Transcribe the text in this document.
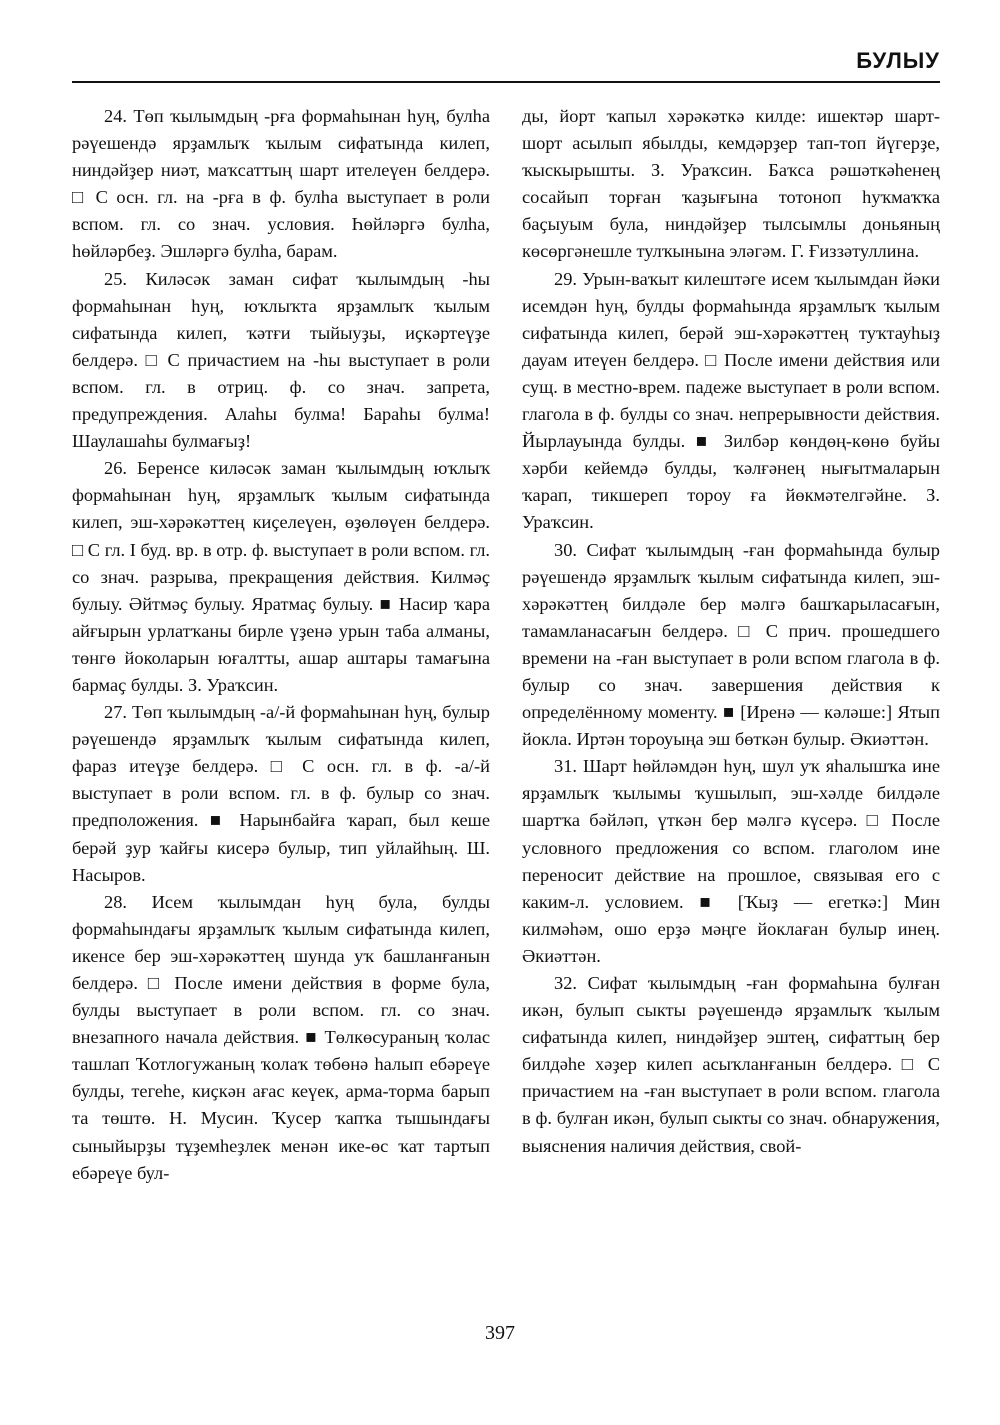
БУЛЫУ

24. Төп ҡылымдың -рға формаһынан һуң, булһа рәүешендә ярҙамлыҡ ҡылым сифатында килеп, ниндәйҙер ниәт, маҡсаттың шарт ителеүен белдерә. □ С осн. гл. на -рға в ф. булһа выступает в роли вспом. гл. со знач. условия. Һөйләргә булһа, һөйләрбеҙ. Эшләргә булһа, барам.

25. Киләсәк заман сифат ҡылымдың -һы формаһынан һуң, юҡлыҡта ярҙамлыҡ ҡылым сифатында килеп, ҡәтғи тыйыуҙы, иҫкәртеүҙе белдерә. □ С причастием на -һы выступает в роли вспом. гл. в отриц. ф. со знач. запрета, предупреждения. Алаһы булма! Бараһы булма! Шаулашаһы булмағыҙ!

26. Беренсе киләсәк заман ҡылымдың юҡлыҡ формаһынан һуң, ярҙамлыҡ ҡылым сифатында килеп, эш-хәрәкәттең киҫелеүен, өҙөлөүен белдерә. □ С гл. I буд. вр. в отр. ф. выступает в роли вспом. гл. со знач. разрыва, прекращения действия. Килмәҫ булыу. Әйтмәҫ булыу. Яратмаҫ булыу. ■ Насир ҡара айғырын урлатҡаны бирле үҙенә урын таба алманы, төнгө йоколарын юғалтты, ашар аштары тамағына бармаҫ булды. З. Ураҡсин.

27. Төп ҡылымдың -а/-й формаһынан һуң, булыр рәүешендә ярҙамлыҡ ҡылым сифатында килеп, фараз итеүҙе белдерә. □ С осн. гл. в ф. -а/-й выступает в роли вспом. гл. в ф. булыр со знач. предположения. ■ Нарынбайға ҡарап, был кеше берәй ҙур ҡайғы кисерә булыр, тип уйлайһың. Ш. Насыров.

28. Исем ҡылымдан һуң була, булды формаһындағы ярҙамлыҡ ҡылым сифатында килеп, икенсе бер эш-хәрәкәттең шунда уҡ башланғанын белдерә. □ После имени действия в форме була, булды выступает в роли вспом. гл. со знач. внезапного начала действия. ■ Төлкөсураның ҡолас ташлап Ҡотлогужаның ҡолаҡ төбөнә һалып ебәреүе булды, тегеһе, киҫкән ағас кеүек, арма-торма барып та төштө. Н. Мусин. Ҡусер ҡапҡа тышындағы сыныйырҙы тұҙемһеҙлек менән ике-өс ҡат тартып ебәреүе бул-

ды, йорт ҡапыл хәрәкәткә килде: ишектәр шарт-шорт асылып ябылды, кемдәрҙер тап-топ йүгерҙе, ҡыскырышты. З. Ураҡсин. Баҡса рәшәткәһенең сосайып торған ҡаҙығына тотоноп һуҡмаҡҡа баҫыуым була, ниндәйҙер тылсымлы доньяның көсөргәнешле тулҡынына эләгәм. Г. Ғиззәтуллина.

29. Урын-ваҡыт килештәге исем ҡылымдан йәки исемдән һуң, булды формаһында ярҙамлыҡ ҡылым сифатында килеп, берәй эш-хәрәкәттең туҡтауһыҙ дауам итеүен белдерә. □ После имени действия или сущ. в местно-врем. падеже выступает в роли вспом. глагола в ф. булды со знач. непрерывности действия. Йырлауында булды. ■ Зилбәр көндөң-көнө буйы хәрби кейемдә булды, ҡәлғәнең нығытмаларын ҡарап, тикшереп тороу ға йөкмәтелгәйне. З. Ураҡсин.

30. Сифат ҡылымдың -ған формаһында булыр рәүешендә ярҙамлыҡ ҡылым сифатында килеп, эш-хәрәкәттең билдәле бер мәлгә башҡарыласағын, тамамланасағын белдерә. □ С прич. прошедшего времени на -ған выступает в роли вспом глагола в ф. булыр со знач. завершения действия к определённому моменту. ■ [Иренә — кәләше:] Ятып йокла. Иртән тороуыңа эш бөткән булыр. Әкиәттән.

31. Шарт һөйләмдән һуң, шул уҡ яһалышҡа ине ярҙамлыҡ ҡылымы ҡушылып, эш-хәлде билдәле шартҡа бәйләп, үткән бер мәлгә күсерә. □ После условного предложения со вспом. глаголом ине переносит действие на прошлое, связывая его с каким-л. условием. ■ [Ҡыҙ — егеткә:] Мин килмәһәм, ошо ерҙә мәңге йоклаған булыр инең. Әкиәттән.

32. Сифат ҡылымдың -ған формаһына булған икән, булып сыкты рәүешендә ярҙамлыҡ ҡылым сифатында килеп, ниндәйҙер эштең, сифаттың бер билдәһе хәҙер килеп асыҡланғанын белдерә. □ С причастием на -ған выступает в роли вспом. глагола в ф. булған икән, булып сыкты со знач. обнаружения, выяснения наличия действия, свой-

397
